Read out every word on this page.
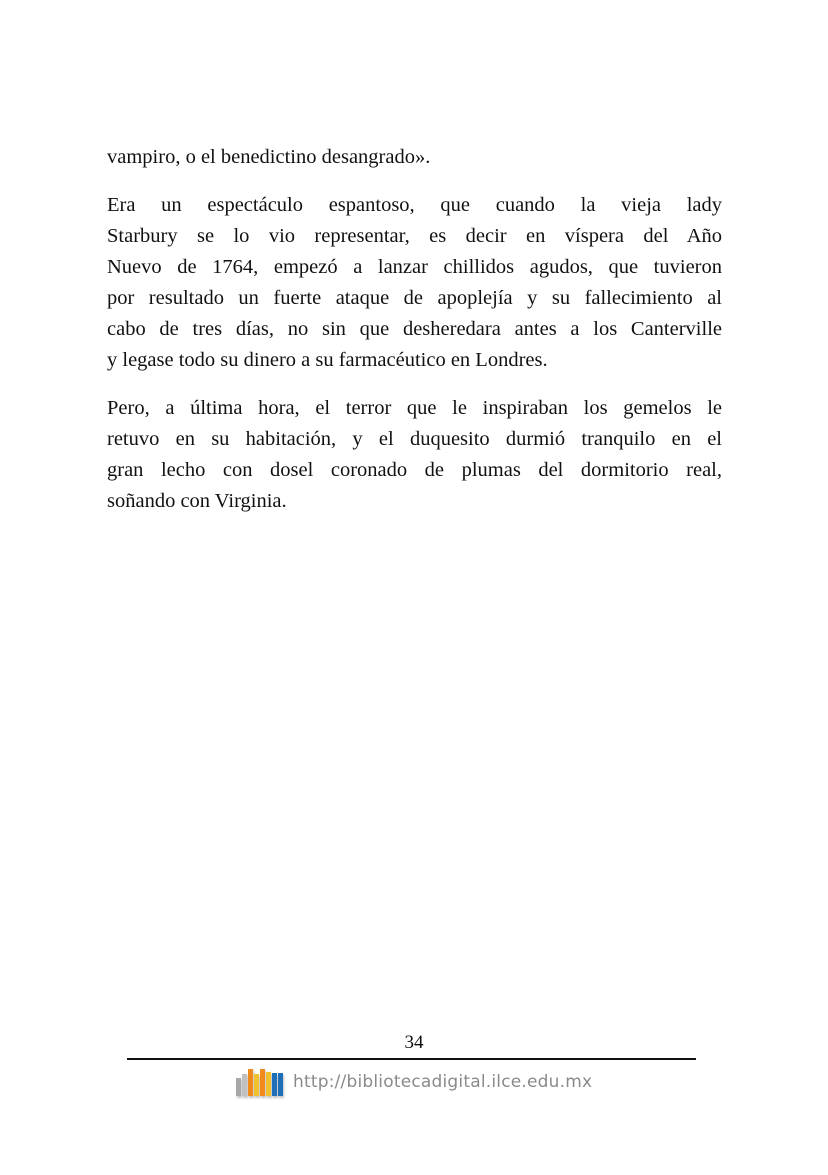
vampiro, o el benedictino desangrado».

Era un espectáculo espantoso, que cuando la vieja lady
Starbury se lo vio representar, es decir en víspera del Año
Nuevo de 1764, empezó a lanzar chillidos agudos, que tuvieron
por resultado un fuerte ataque de apoplejía y su fallecimiento al
cabo de tres días, no sin que desheredara antes a los Canterville
y legase todo su dinero a su farmacéutico en Londres.

Pero, a última hora, el terror que le inspiraban los gemelos le
retuvo en su habitación, y el duquesito durmió tranquilo en el
gran lecho con dosel coronado de plumas del dormitorio real,
soñando con Virginia.

34
http://bibliotecadigital.ilce.edu.mx
